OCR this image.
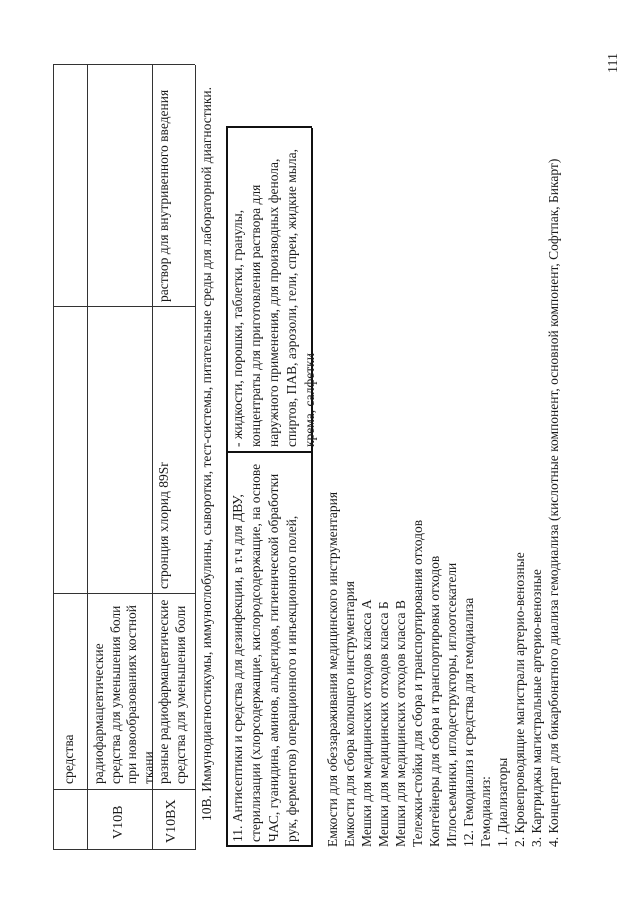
111
средства
V10B
радиофармацевтические средства для уменьшения боли при новообразованиях костной ткани
V10BX
разные радиофармацевтические средства для уменьшения боли
стронция хлорид 89Sr
раствор для внутривенного введения 10В. Иммунодиагностикумы, иммуноглобулины, сыворотки, тест-системы, питательные среды для лабораторной диагностики. 11. Антисептики и средства для дезинфекции, в т.ч для ДВУ, стерилизации (хлорсодержащие, кислородсодержащие, на основе ЧАС, гуанидина, аминов, альдегидов, гигиенической обработки рук, ферментов) операционного и инъекционного полей,
- жидкости, порошки, таблетки, гранулы, концентраты для приготовления раствора для наружного применения, для производных фенола, спиртов, ПАВ, аэрозоли, гели, спреи, жидкие мыла, крема, салфетки
Емкости для обеззараживания медицинского инструментария Емкости для сбора колющего инструментария Мешки для медицинских отходов класса А Мешки для медицинских отходов класса Б Мешки для медицинских отходов класса В Тележки-стойки для сбора и транспортирования отходов Контейнеры для сбора и транспортировки отходов Иглосъемники, иглодеструкторы, иглоотсекатели 12. Гемодиализ и средства для гемодиализа Гемодиализ: 1. Диализаторы 2. Кровепроводящие магистрали артерио-венозные 3. Картриджы магистральные артерио-венозные 4. Концентрат для бикарбонатного диализа гемодиализа (кислотные компонент, основной компонент, Софтпак, Бикарт)
